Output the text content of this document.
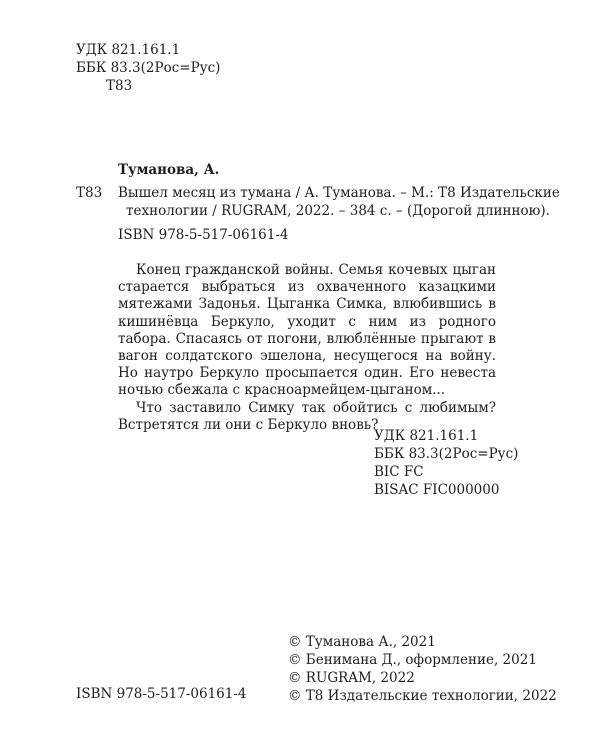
УДК 821.161.1
ББК 83.3(2Рос=Рус)
Т83
Туманова, А.
Т83 Вышел месяц из тумана / А. Туманова. – М.: Т8 Издательские
технологии / RUGRAM, 2022. – 384 с. – (Дорогой длинною).
ISBN 978-5-517-06161-4

Конец гражданской войны. Семья кочевых цыган старается выбраться из охваченного казацкими мятежами Задонья. Цыганка Симка, влюбившись в кишинёвца Беркуло, уходит с ним из родного табора. Спасаясь от погони, влюблённые прыгают в вагон солдатского эшелона, несущегося на войну. Но наутро Беркуло просыпается один. Его невеста ночью сбежала с красноармейцем-цыганом...

Что заставило Симку так обойтись с любимым? Встретятся ли они с Беркуло вновь?

УДК 821.161.1
ББК 83.3(2Рос=Рус)
BIC FC
BISAC FIC000000
© Туманова А., 2021
© Бенимана Д., оформление, 2021
© RUGRAM, 2022
© Т8 Издательские технологии, 2022
ISBN 978-5-517-06161-4
